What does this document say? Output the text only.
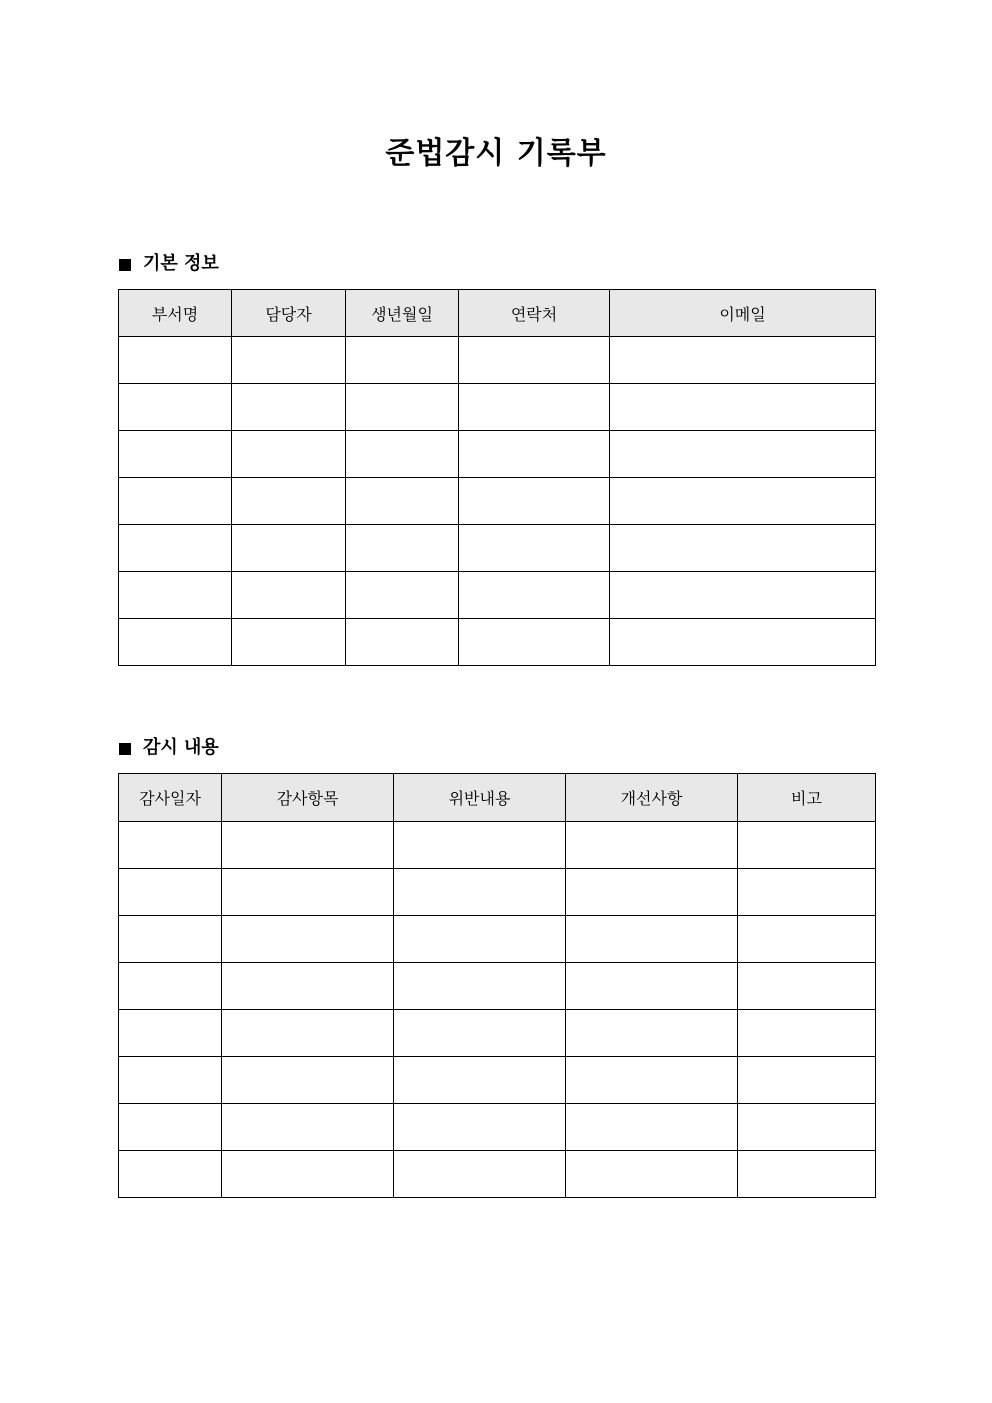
준법감시 기록부
기본 정보
부서명	담당자	생년월일	연락처	이메일

감시 내용
감사일자	감사항목	위반내용	개선사항	비고
